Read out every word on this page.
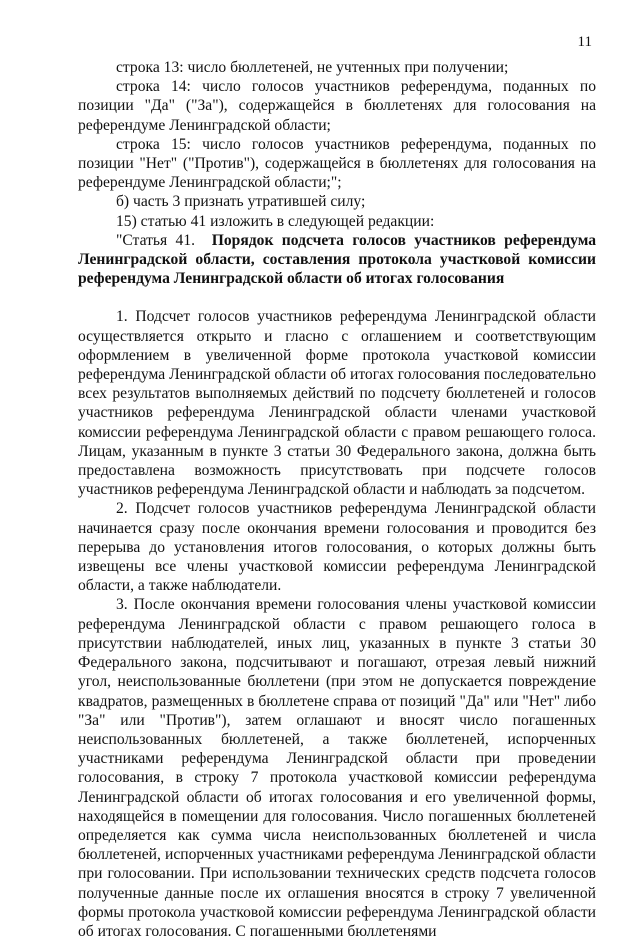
11

строка 13: число бюллетеней, не учтенных при получении;

строка 14: число голосов участников референдума, поданных по позиции "Да" ("За"), содержащейся в бюллетенях для голосования на референдуме Ленинградской области;

строка 15: число голосов участников референдума, поданных по позиции "Нет" ("Против"), содержащейся в бюллетенях для голосования на референдуме Ленинградской области;";

б) часть 3 признать утратившей силу;

15) статью 41 изложить в следующей редакции:

"Статья 41. Порядок подсчета голосов участников референдума Ленинградской области, составления протокола участковой комиссии референдума Ленинградской области об итогах голосования

1. Подсчет голосов участников референдума Ленинградской области осуществляется открыто и гласно с оглашением и соответствующим оформлением в увеличенной форме протокола участковой комиссии референдума Ленинградской области об итогах голосования последовательно всех результатов выполняемых действий по подсчету бюллетеней и голосов участников референдума Ленинградской области членами участковой комиссии референдума Ленинградской области с правом решающего голоса. Лицам, указанным в пункте 3 статьи 30 Федерального закона, должна быть предоставлена возможность присутствовать при подсчете голосов участников референдума Ленинградской области и наблюдать за подсчетом.

2. Подсчет голосов участников референдума Ленинградской области начинается сразу после окончания времени голосования и проводится без перерыва до установления итогов голосования, о которых должны быть извещены все члены участковой комиссии референдума Ленинградской области, а также наблюдатели.

3. После окончания времени голосования члены участковой комиссии референдума Ленинградской области с правом решающего голоса в присутствии наблюдателей, иных лиц, указанных в пункте 3 статьи 30 Федерального закона, подсчитывают и погашают, отрезая левый нижний угол, неиспользованные бюллетени (при этом не допускается повреждение квадратов, размещенных в бюллетене справа от позиций "Да" или "Нет" либо "За" или "Против"), затем оглашают и вносят число погашенных неиспользованных бюллетеней, а также бюллетеней, испорченных участниками референдума Ленинградской области при проведении голосования, в строку 7 протокола участковой комиссии референдума Ленинградской области об итогах голосования и его увеличенной формы, находящейся в помещении для голосования. Число погашенных бюллетеней определяется как сумма числа неиспользованных бюллетеней и числа бюллетеней, испорченных участниками референдума Ленинградской области при голосовании. При использовании технических средств подсчета голосов полученные данные после их оглашения вносятся в строку 7 увеличенной формы протокола участковой комиссии референдума Ленинградской области об итогах голосования. С погашенными бюллетенями
